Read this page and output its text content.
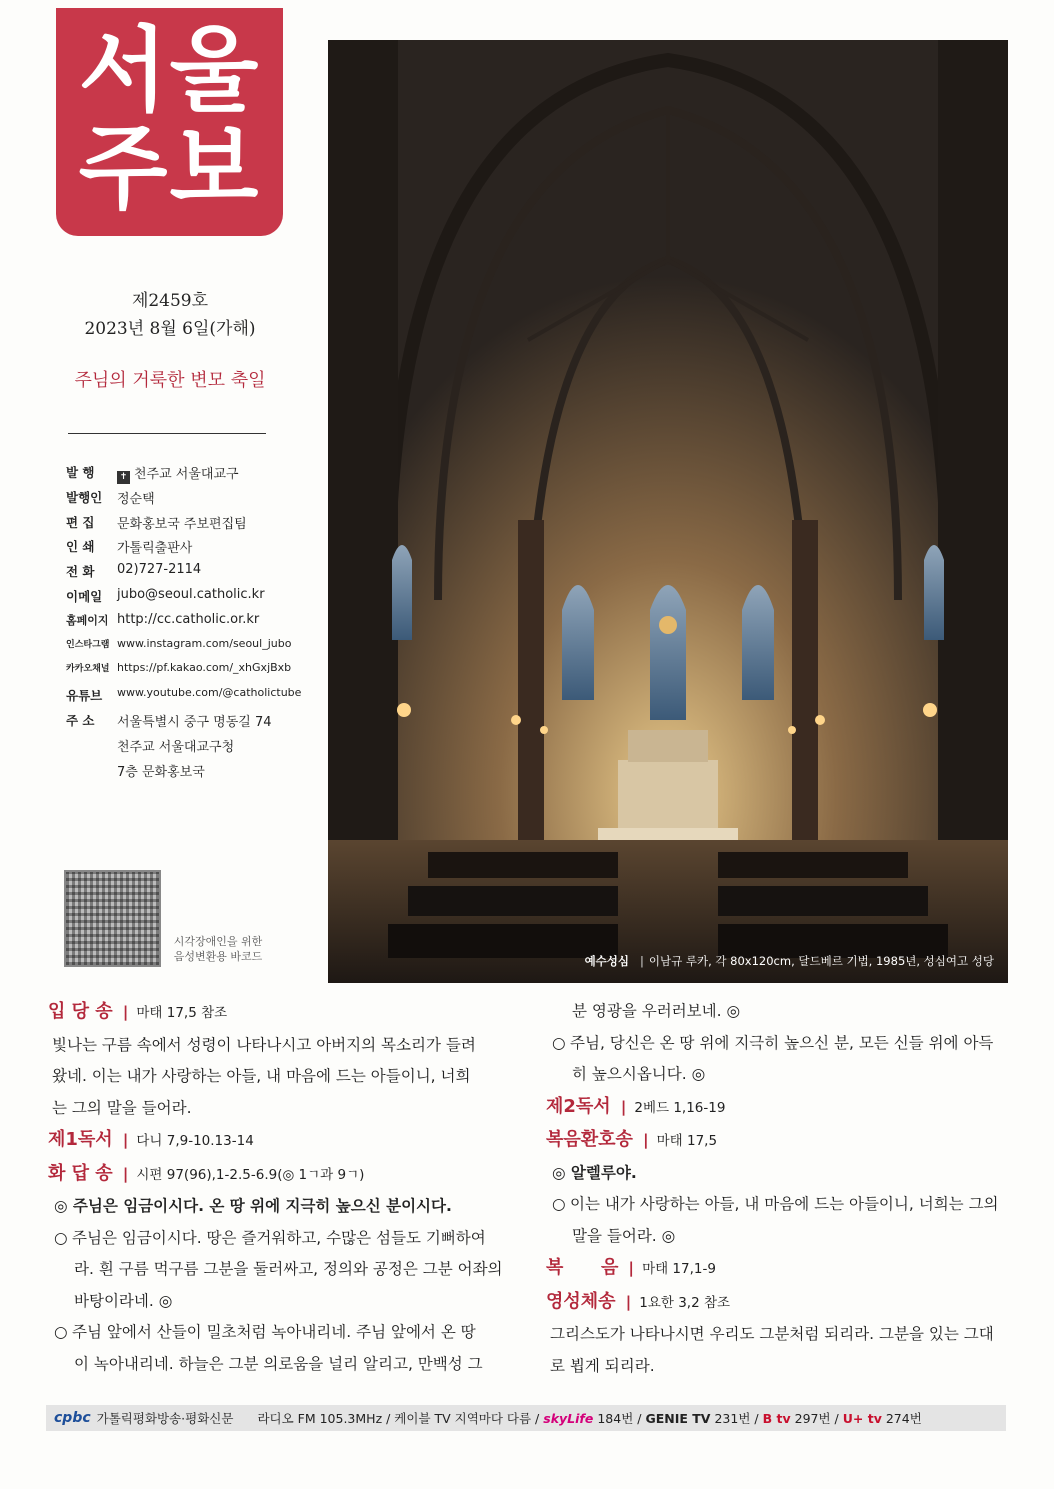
서울
주보
제2459호
2023년 8월 6일(가해)
주님의 거룩한 변모 축일
발 행	✝ 천주교 서울대교구
발행인	정순택
편 집	문화홍보국 주보편집팀
인 쇄	가톨릭출판사
전 화	02)727-2114
이메일	jubo@seoul.catholic.kr
홈페이지 http://cc.catholic.or.kr
인스타그램 www.instagram.com/seoul_jubo
카카오채널 https://pf.kakao.com/_xhGxjBxb
유튜브	www.youtube.com/@catholictube
주 소	서울특별시 중구 명동길 74
천주교 서울대교구청
7층 문화홍보국
시각장애인을 위한
음성변환용 바코드	예수성심 | 이남규 루카, 각 80x120cm, 달드베르 기법, 1985년, 성심여고 성당
입 당 송 | 마태 17,5 참조
빛나는 구름 속에서 성령이 나타나시고 아버지의 목소리가 들려
왔네. 이는 내가 사랑하는 아들, 내 마음에 드는 아들이니, 너희
는 그의 말을 들어라.
제1독서 | 다니 7,9-10.13-14
화 답 송 | 시편 97(96),1-2.5-6.9(◎ 1ㄱ과 9ㄱ)
◎ 주님은 임금이시다. 온 땅 위에 지극히 높으신 분이시다.
○ 주님은 임금이시다. 땅은 즐거워하고, 수많은 섬들도 기뻐하여
라. 흰 구름 먹구름 그분을 둘러싸고, 정의와 공정은 그분 어좌의
바탕이라네. ◎
○ 주님 앞에서 산들이 밀초처럼 녹아내리네. 주님 앞에서 온 땅
이 녹아내리네. 하늘은 그분 의로움을 널리 알리고, 만백성 그
분 영광을 우러러보네. ◎
○ 주님, 당신은 온 땅 위에 지극히 높으신 분, 모든 신들 위에 아득
히 높으시옵니다. ◎
제2독서 | 2베드 1,16-19
복음환호송 | 마태 17,5
◎ 알렐루야.
○ 이는 내가 사랑하는 아들, 내 마음에 드는 아들이니, 너희는 그의
말을 들어라. ◎
복      음 | 마태 17,1-9
영성체송 | 1요한 3,2 참조
그리스도가 나타나시면 우리도 그분처럼 되리라. 그분을 있는 그대
로 뵙게 되리라.
cpbc 가톨릭평화방송·평화신문 라디오 FM 105.3MHz / 케이블 TV 지역마다 다름 / skyLife 184번 / GENIE TV 231번 / B tv 297번 / U+ tv 274번
